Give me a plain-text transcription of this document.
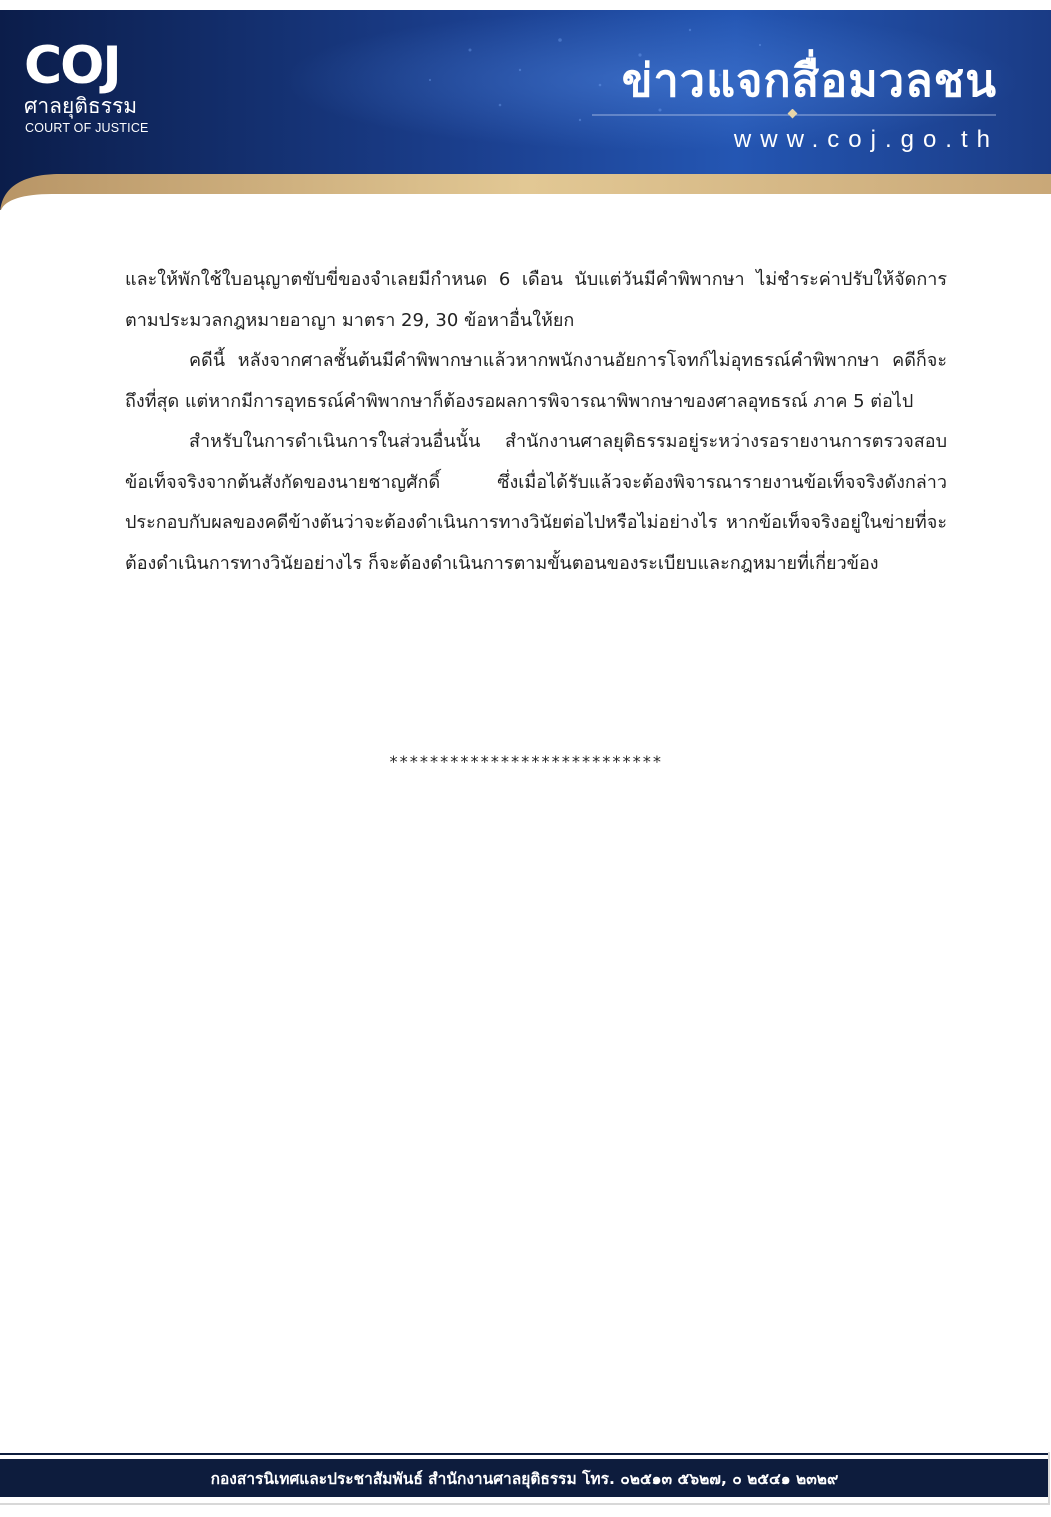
COJ
ศาลยุติธรรม
COURT OF JUSTICE
ข่าวแจกสื่อมวลชน
www.coj.go.th

และให้พักใช้ใบอนุญาตขับขี่ของจำเลยมีกำหนด 6 เดือน นับแต่วันมีคำพิพากษา ไม่ชำระค่าปรับให้จัดการตามประมวลกฎหมายอาญา มาตรา 29, 30 ข้อหาอื่นให้ยก

คดีนี้ หลังจากศาลชั้นต้นมีคำพิพากษาแล้วหากพนักงานอัยการโจทก์ไม่อุทธรณ์คำพิพากษา คดีก็จะถึงที่สุด แต่หากมีการอุทธรณ์คำพิพากษาก็ต้องรอผลการพิจารณาพิพากษาของศาลอุทธรณ์ ภาค 5 ต่อไป

สำหรับในการดำเนินการในส่วนอื่นนั้น สำนักงานศาลยุติธรรมอยู่ระหว่างรอรายงานการตรวจสอบข้อเท็จจริงจากต้นสังกัดของนายชาญศักดิ์ ซึ่งเมื่อได้รับแล้วจะต้องพิจารณารายงานข้อเท็จจริงดังกล่าวประกอบกับผลของคดีข้างต้นว่าจะต้องดำเนินการทางวินัยต่อไปหรือไม่อย่างไร หากข้อเท็จจริงอยู่ในข่ายที่จะต้องดำเนินการทางวินัยอย่างไร ก็จะต้องดำเนินการตามขั้นตอนของระเบียบและกฎหมายที่เกี่ยวข้อง

***************************
กองสารนิเทศและประชาสัมพันธ์ สำนักงานศาลยุติธรรม โทร. ๐๒๕๑๓ ๕๖๒๗, ๐ ๒๕๔๑ ๒๓๒๙
